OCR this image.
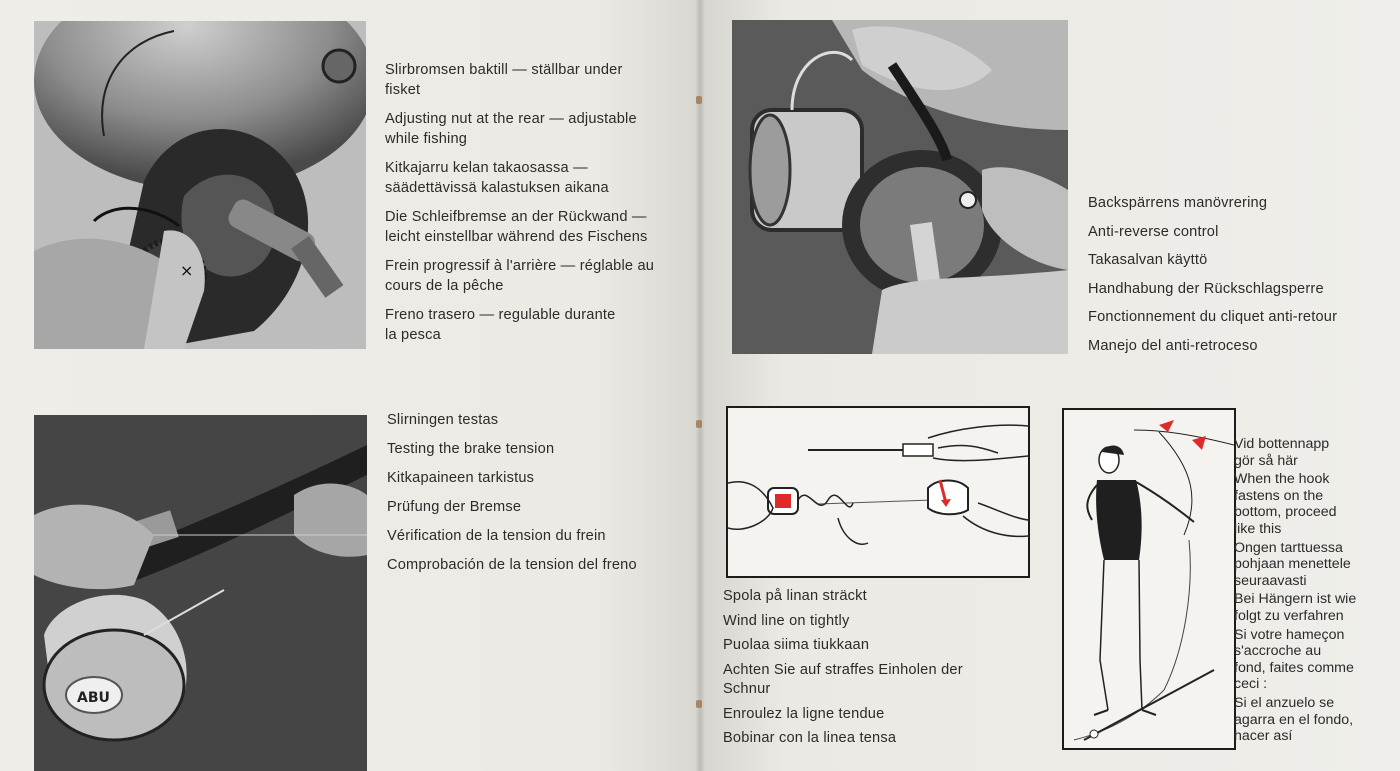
×
Slirbromsen baktill — ställbar under
fisket
Adjusting nut at the rear — adjustable
while fishing
Kitkajarru kelan takaosassa —
säädettävissä kalastuksen aikana
Die Schleifbremse an der Rückwand —
leicht einstellbar während des Fischens
Frein progressif à l'arrière — réglable au
cours de la pêche
Freno trasero — regulable durante
la pesca
ABU
Slirningen testas
Testing the brake tension
Kitkapaineen tarkistus
Prüfung der Bremse
Vérification de la tension du frein
Comprobación de la tension del freno
Backspärrens manövrering
Anti-reverse control
Takasalvan käyttö
Handhabung der Rückschlagsperre
Fonctionnement du cliquet anti-retour
Manejo del anti-retroceso
Spola på linan sträckt
Wind line on tightly
Puolaa siima tiukkaan
Achten Sie auf straffes Einholen der
Schnur
Enroulez la ligne tendue
Bobinar con la linea tensa
Vid bottennapp
gör så här
When the hook
fastens on the
bottom, proceed
like this
Ongen tarttuessa
pohjaan menettele
seuraavasti
Bei Hängern ist wie
folgt zu verfahren
Si votre hameçon
s'accroche au
fond, faites comme
ceci :
Si el anzuelo se
agarra en el fondo,
hacer así
